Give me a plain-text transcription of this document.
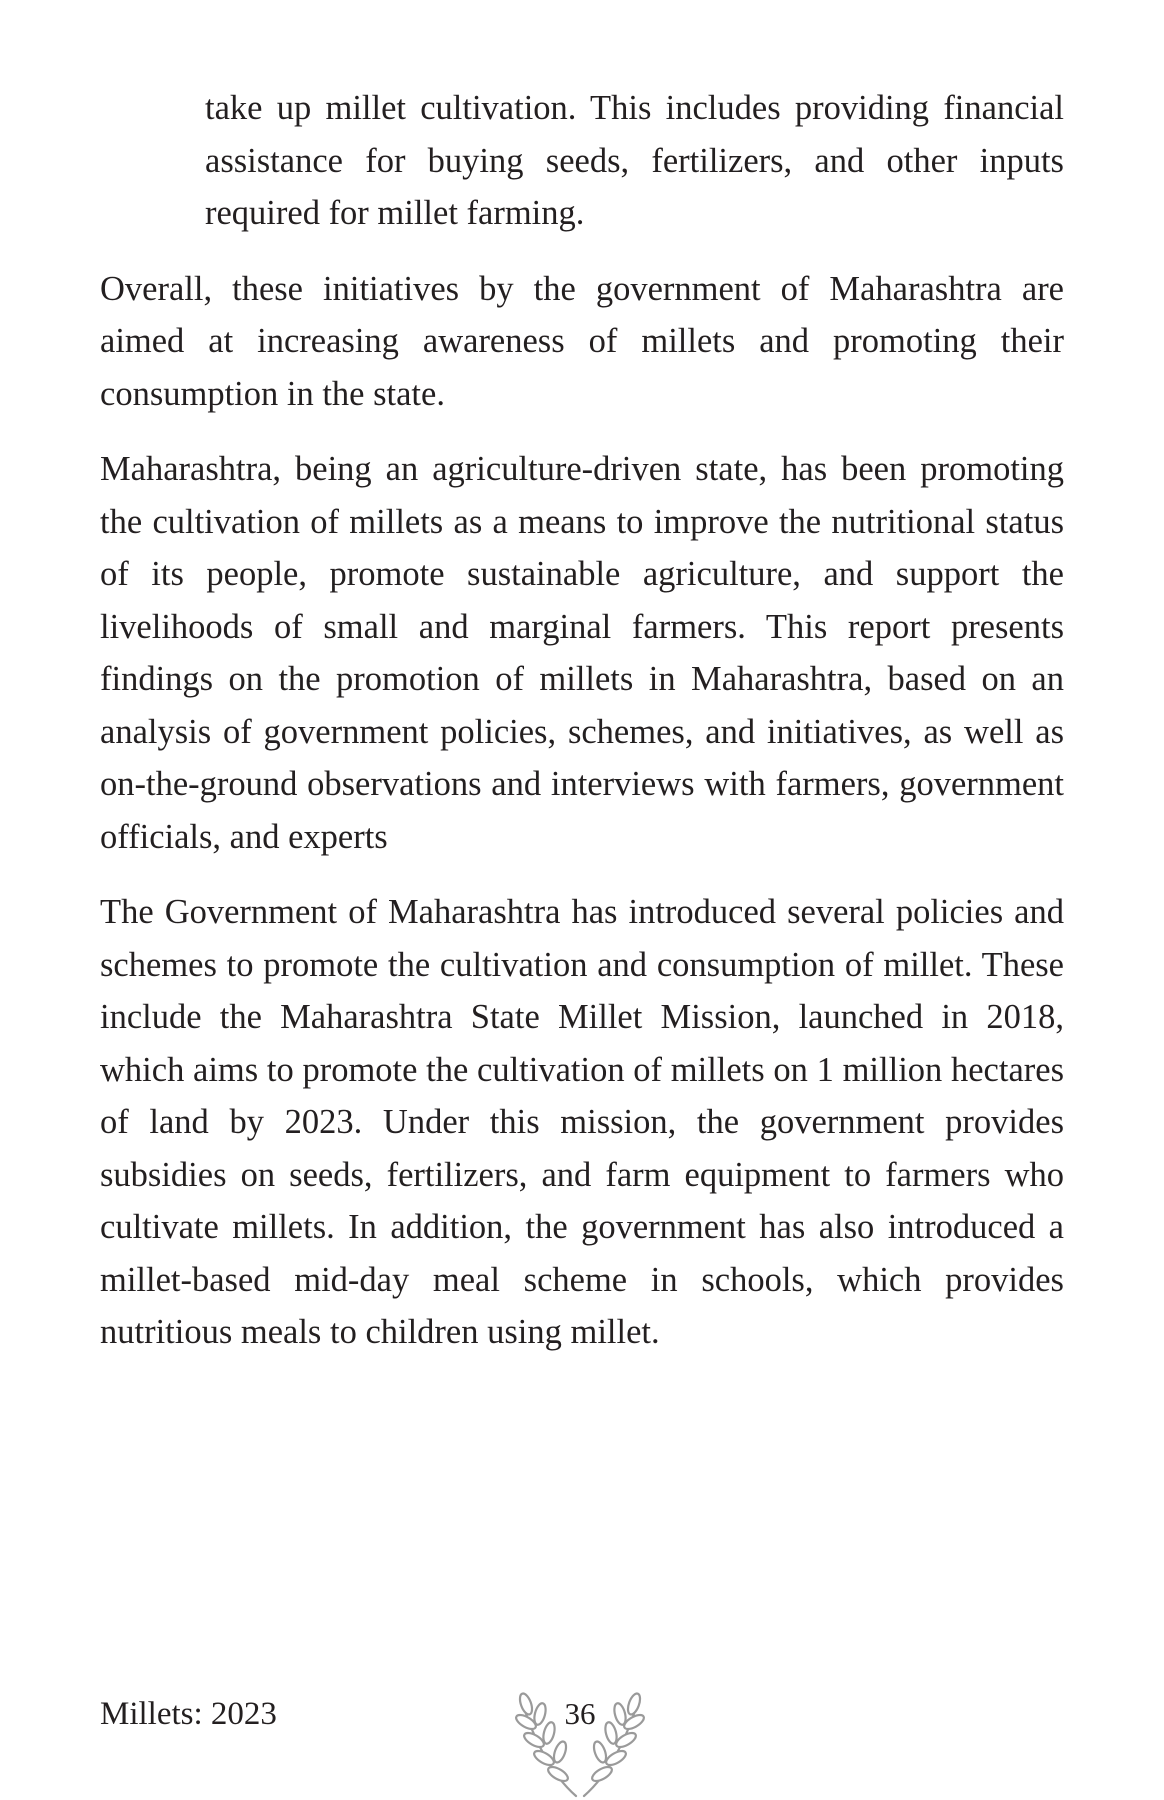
take up millet cultivation. This includes providing financial assistance for buying seeds, fertilizers, and other inputs required for millet farming.

Overall, these initiatives by the government of Maharashtra are aimed at increasing awareness of millets and promoting their consumption in the state.

Maharashtra, being an agriculture-driven state, has been promoting the cultivation of millets as a means to improve the nutritional status of its people, promote sustainable agriculture, and support the livelihoods of small and marginal farmers. This report presents findings on the promotion of millets in Maharashtra, based on an analysis of government policies, schemes, and initiatives, as well as on-the-ground observations and interviews with farmers, government officials, and experts

The Government of Maharashtra has introduced several policies and schemes to promote the cultivation and consumption of millet. These include the Maharashtra State Millet Mission, launched in 2018, which aims to promote the cultivation of millets on 1 million hectares of land by 2023. Under this mission, the government provides subsidies on seeds, fertilizers, and farm equipment to farmers who cultivate millets. In addition, the government has also introduced a millet-based mid-day meal scheme in schools, which provides nutritious meals to children using millet.

Millets: 2023	36
